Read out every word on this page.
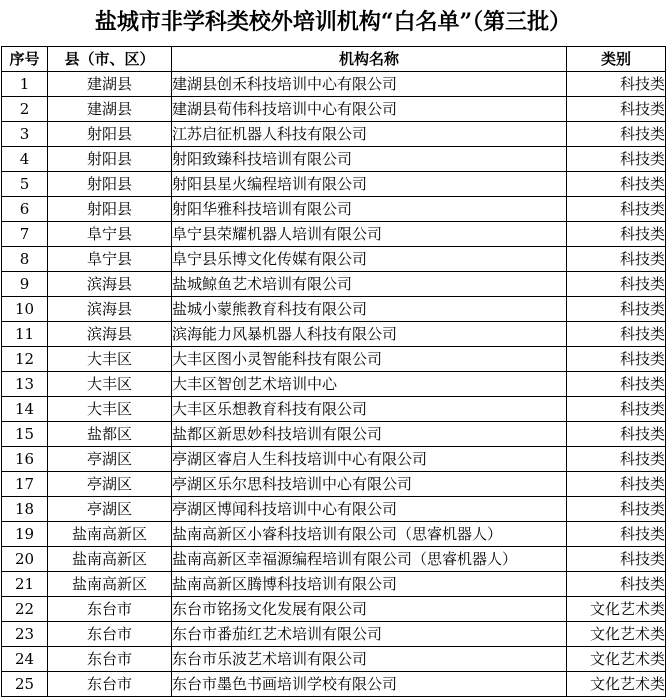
盐城市非学科类校外培训机构“白名单”（第三批）
序号	县（市、区）	机构名称	类别
1	建湖县	建湖县创禾科技培训中心有限公司	科技类
2	建湖县	建湖县荀伟科技培训中心有限公司	科技类
3	射阳县	江苏启征机器人科技有限公司	科技类
4	射阳县	射阳致臻科技培训有限公司	科技类
5	射阳县	射阳县星火编程培训有限公司	科技类
6	射阳县	射阳华雅科技培训有限公司	科技类
7	阜宁县	阜宁县荣耀机器人培训有限公司	科技类
8	阜宁县	阜宁县乐博文化传媒有限公司	科技类
9	滨海县	盐城鲸鱼艺术培训有限公司	科技类
10	滨海县	盐城小蒙熊教育科技有限公司	科技类
11	滨海县	滨海能力风暴机器人科技有限公司	科技类
12	大丰区	大丰区图小灵智能科技有限公司	科技类
13	大丰区	大丰区智创艺术培训中心	科技类
14	大丰区	大丰区乐想教育科技有限公司	科技类
15	盐都区	盐都区新思妙科技培训有限公司	科技类
16	亭湖区	亭湖区睿启人生科技培训中心有限公司	科技类
17	亭湖区	亭湖区乐尔思科技培训中心有限公司	科技类
18	亭湖区	亭湖区博闻科技培训中心有限公司	科技类
19	盐南高新区	盐南高新区小睿科技培训有限公司（思睿机器人）	科技类
20	盐南高新区	盐南高新区幸福源编程培训有限公司（思睿机器人）	科技类
21	盐南高新区	盐南高新区腾博科技培训有限公司	科技类
22	东台市	东台市铭扬文化发展有限公司	文化艺术类
23	东台市	东台市番茄红艺术培训有限公司	文化艺术类
24	东台市	东台市乐波艺术培训有限公司	文化艺术类
25	东台市	东台市墨色书画培训学校有限公司	文化艺术类
